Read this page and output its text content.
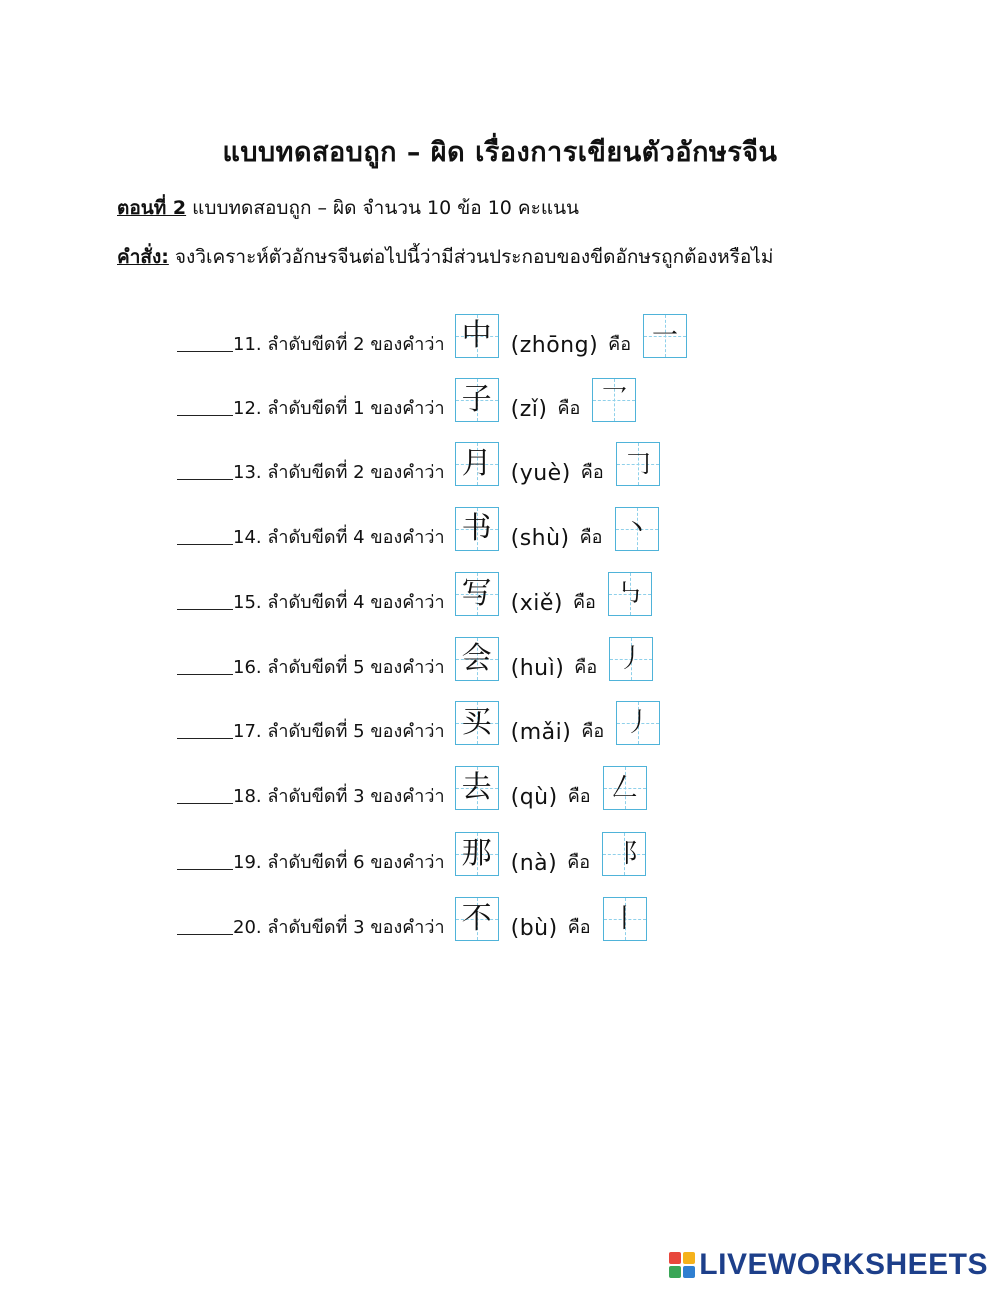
แบบทดสอบถูก – ผิด เรื่องการเขียนตัวอักษรจีน
ตอนที่ 2 แบบทดสอบถูก – ผิด จำนวน 10 ข้อ 10 คะแนน
คำสั่ง: จงวิเคราะห์ตัวอักษรจีนต่อไปนี้ว่ามีส่วนประกอบของขีดอักษรถูกต้องหรือไม่
11. ลำดับขีดที่ 2 ของคำว่า 中 (zhōng) คือ 一
12. ลำดับขีดที่ 1 ของคำว่า 子 (zǐ) คือ 乛
13. ลำดับขีดที่ 2 ของคำว่า 月 (yuè) คือ 𠃌
14. ลำดับขีดที่ 4 ของคำว่า 书 (shù) คือ 丶
15. ลำดับขีดที่ 4 ของคำว่า 写 (xiě) คือ ㇉
16. ลำดับขีดที่ 5 ของคำว่า 会 (huì) คือ 丿
17. ลำดับขีดที่ 5 ของคำว่า 买 (mǎi) คือ 丿
18. ลำดับขีดที่ 3 ของคำว่า 去 (qù) คือ 𠃋
19. ลำดับขีดที่ 6 ของคำว่า 那 (nà) คือ ⻏
20. ลำดับขีดที่ 3 ของคำว่า 不 (bù) คือ 丨
LIVEWORKSHEETS
